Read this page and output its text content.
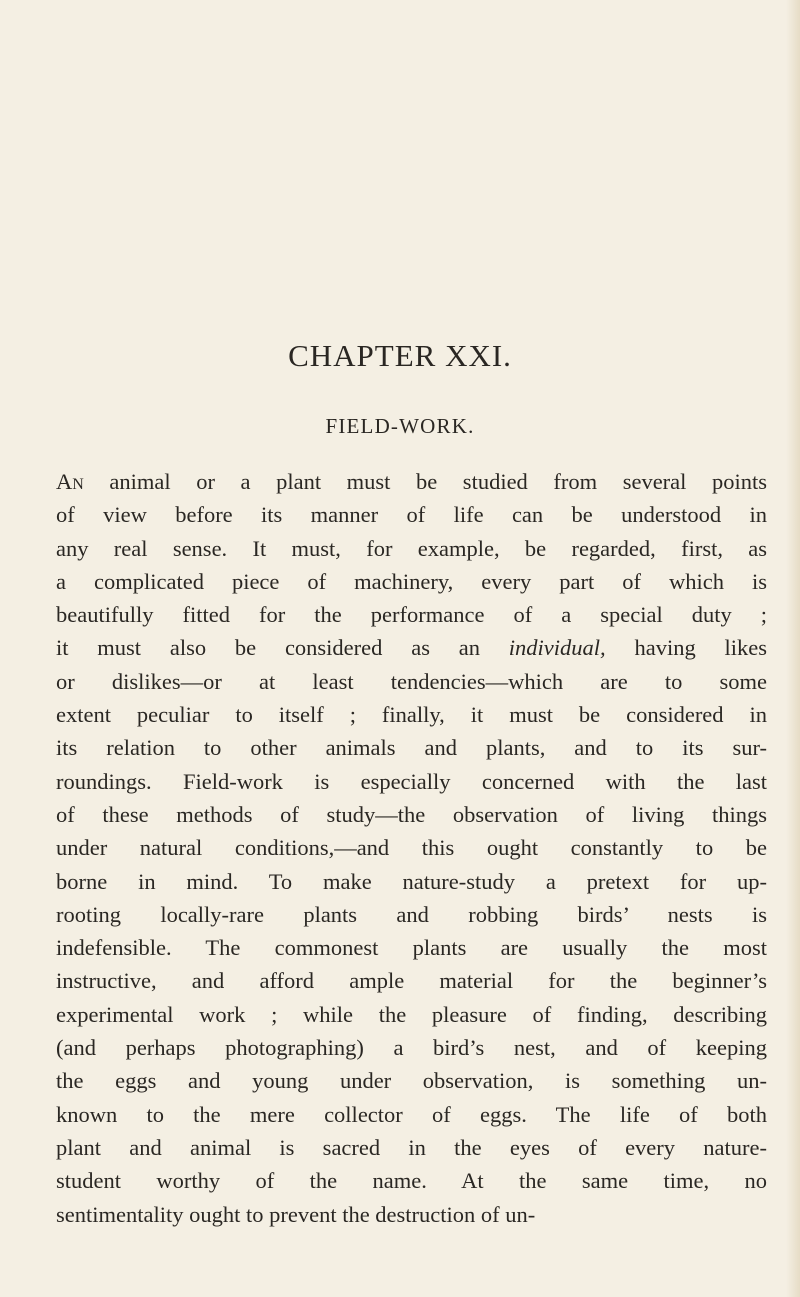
CHAPTER XXI.
FIELD-WORK.
An animal or a plant must be studied from several points
of view before its manner of life can be understood in
any real sense. It must, for example, be regarded, first, as
a complicated piece of machinery, every part of which is
beautifully fitted for the performance of a special duty ;
it must also be considered as an individual, having likes
or dislikes—or at least tendencies—which are to some
extent peculiar to itself ; finally, it must be considered in
its relation to other animals and plants, and to its sur-
roundings. Field-work is especially concerned with the last
of these methods of study—the observation of living things
under natural conditions,—and this ought constantly to be
borne in mind. To make nature-study a pretext for up-
rooting locally-rare plants and robbing birds’ nests is
indefensible. The commonest plants are usually the most
instructive, and afford ample material for the beginner’s
experimental work ; while the pleasure of finding, describing
(and perhaps photographing) a bird’s nest, and of keeping
the eggs and young under observation, is something un-
known to the mere collector of eggs. The life of both
plant and animal is sacred in the eyes of every nature-
student worthy of the name. At the same time, no
sentimentality ought to prevent the destruction of un-
